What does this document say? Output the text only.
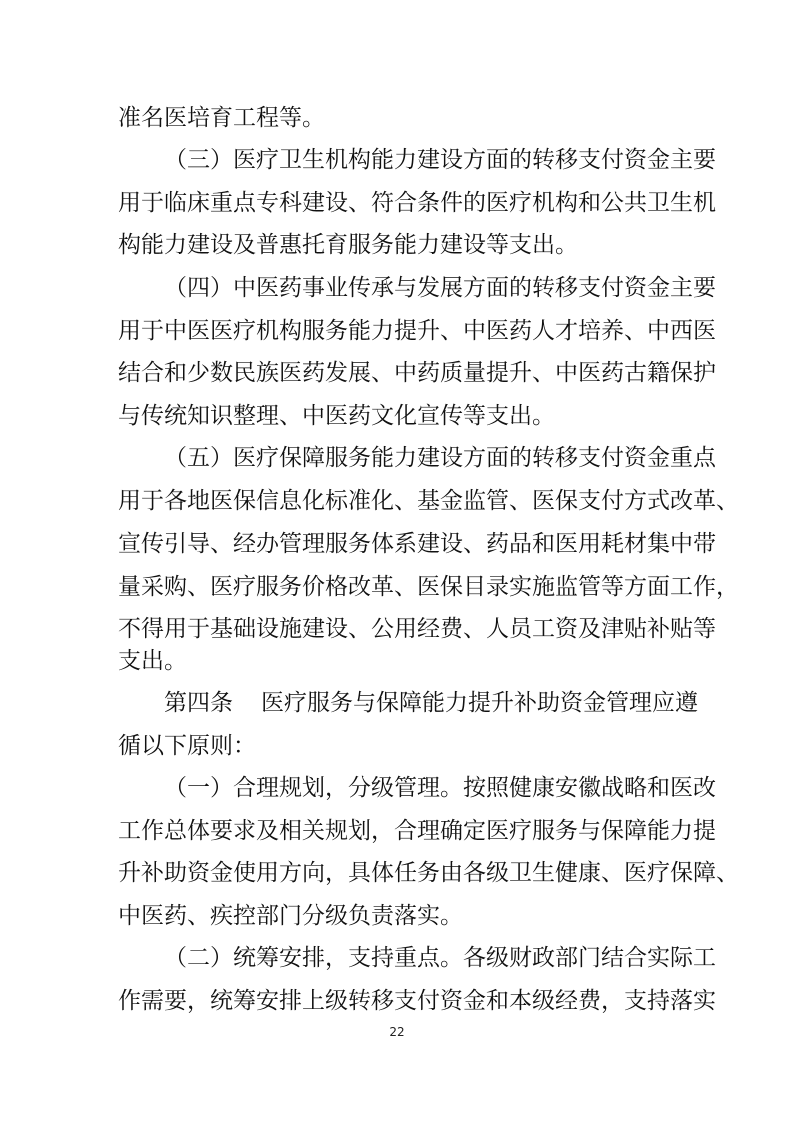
准名医培育工程等。
（三）医疗卫生机构能力建设方面的转移支付资金主要
用于临床重点专科建设、符合条件的医疗机构和公共卫生机
构能力建设及普惠托育服务能力建设等支出。
（四）中医药事业传承与发展方面的转移支付资金主要
用于中医医疗机构服务能力提升、中医药人才培养、中西医
结合和少数民族医药发展、中药质量提升、中医药古籍保护
与传统知识整理、中医药文化宣传等支出。
（五）医疗保障服务能力建设方面的转移支付资金重点
用于各地医保信息化标准化、基金监管、医保支付方式改革、
宣传引导、经办管理服务体系建设、药品和医用耗材集中带
量采购、医疗服务价格改革、医保目录实施监管等方面工作，
不得用于基础设施建设、公用经费、人员工资及津贴补贴等
支出。
第四条 医疗服务与保障能力提升补助资金管理应遵
循以下原则：
（一）合理规划，分级管理。按照健康安徽战略和医改
工作总体要求及相关规划，合理确定医疗服务与保障能力提
升补助资金使用方向，具体任务由各级卫生健康、医疗保障、
中医药、疾控部门分级负责落实。
（二）统筹安排，支持重点。各级财政部门结合实际工
作需要，统筹安排上级转移支付资金和本级经费，支持落实
22
